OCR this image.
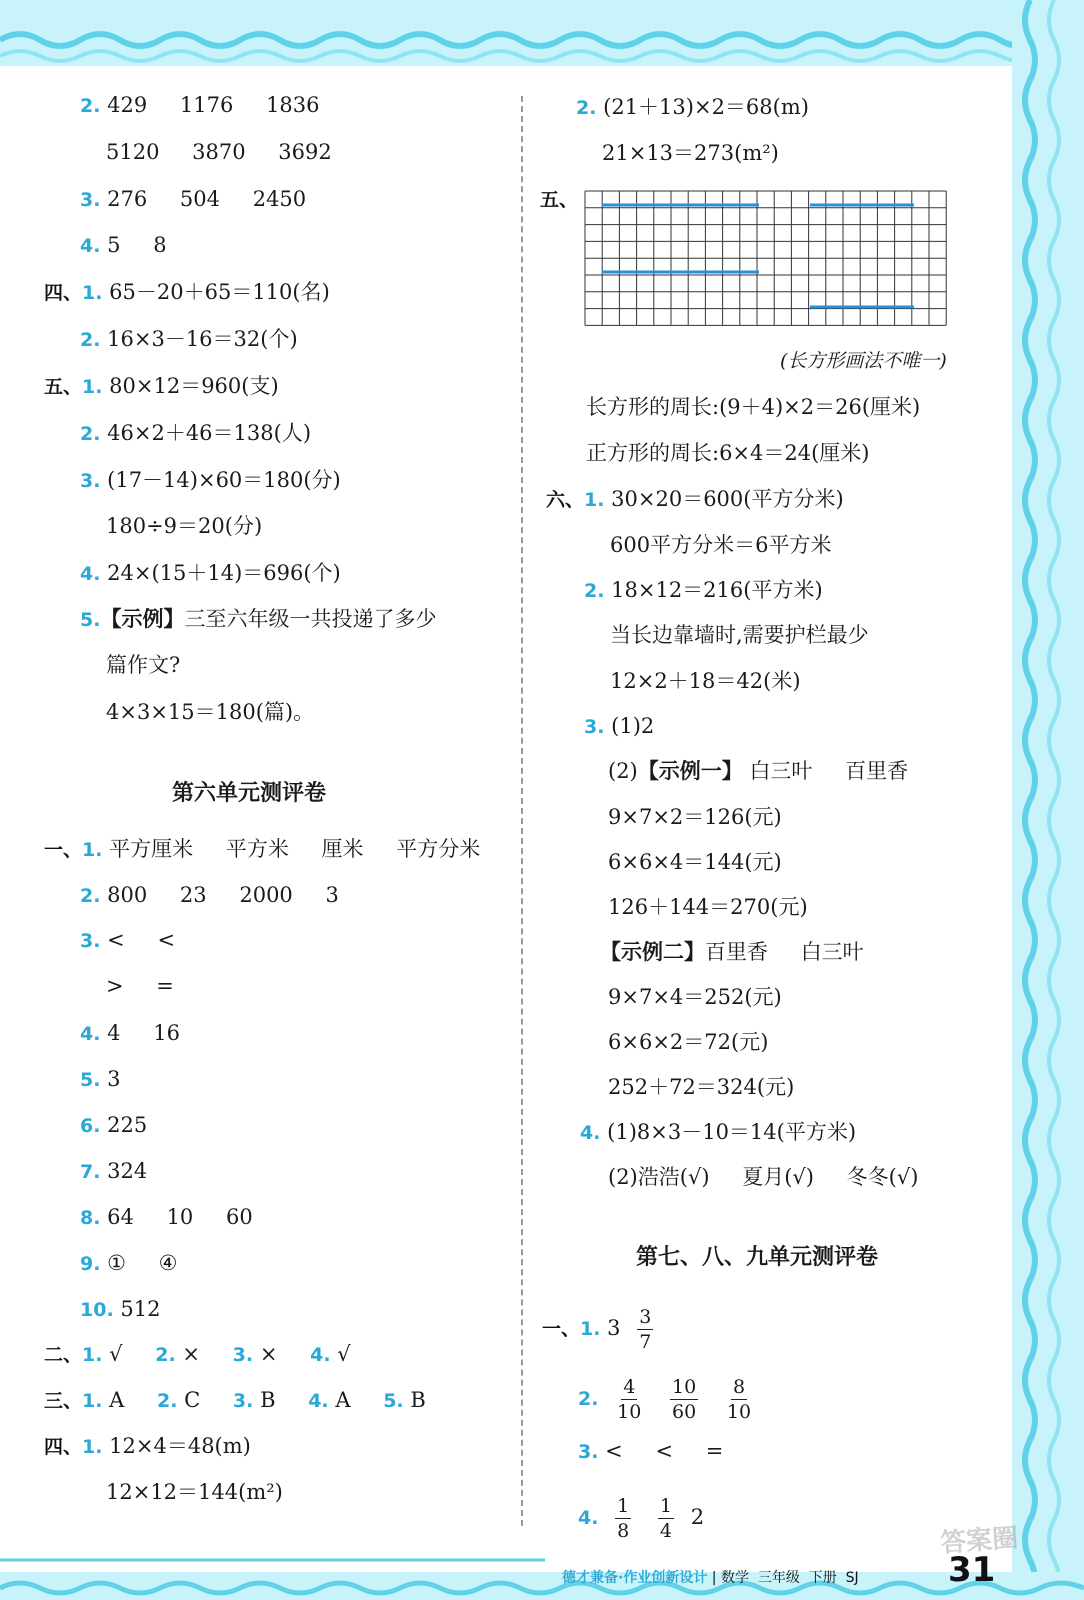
2. 429 1176 1836
5120 3870 3692
3. 276 504 2450
4. 5 8
四、1. 65－20＋65＝110(名)
2. 16×3－16＝32(个)
五、1. 80×12＝960(支)
2. 46×2＋46＝138(人)
3. (17－14)×60＝180(分)
180÷9＝20(分)
4. 24×(15＋14)＝696(个)
5.【示例】三至六年级一共投递了多少
篇作文?
4×3×15＝180(篇)。
第六单元测评卷
一、1. 平方厘米 平方米 厘米 平方分米
2. 800 23 2000 3
3. < <
> =
4. 4 16
5. 3
6. 225
7. 324
8. 64 10 60
9. ① ④
10. 512
二、1. √ 2. × 3. × 4. √
三、1. A 2. C 3. B 4. A 5. B
四、1. 12×4＝48(m)
12×12＝144(m²)
2. (21＋13)×2＝68(m)
21×13＝273(m²)
五、
(长方形画法不唯一)
长方形的周长:(9＋4)×2＝26(厘米)
正方形的周长:6×4＝24(厘米)
六、1. 30×20＝600(平方分米)
600平方分米＝6平方米
2. 18×12＝216(平方米)
当长边靠墙时,需要护栏最少
12×2＋18＝42(米)
3. (1)2
(2)【示例一】 白三叶 百里香
9×7×2＝126(元)
6×6×4＝144(元)
126＋144＝270(元)
【示例二】百里香 白三叶
9×7×4＝252(元)
6×6×2＝72(元)
252＋72＝324(元)
4. (1)8×3－10＝14(平方米)
(2)浩浩(√) 夏月(√) 冬冬(√)
第七、八、九单元测评卷
一、1. $3 \frac{3}{7}$
2. $\frac{4}{10}$
$\frac{10}{60}$
$\frac{8}{10}$
3. < < =
4. $\frac{1}{8}$
$\frac{1}{4} 2$
答案圈
德才兼备·作业创新设计 | 数学 三年级 下册 SJ	31
